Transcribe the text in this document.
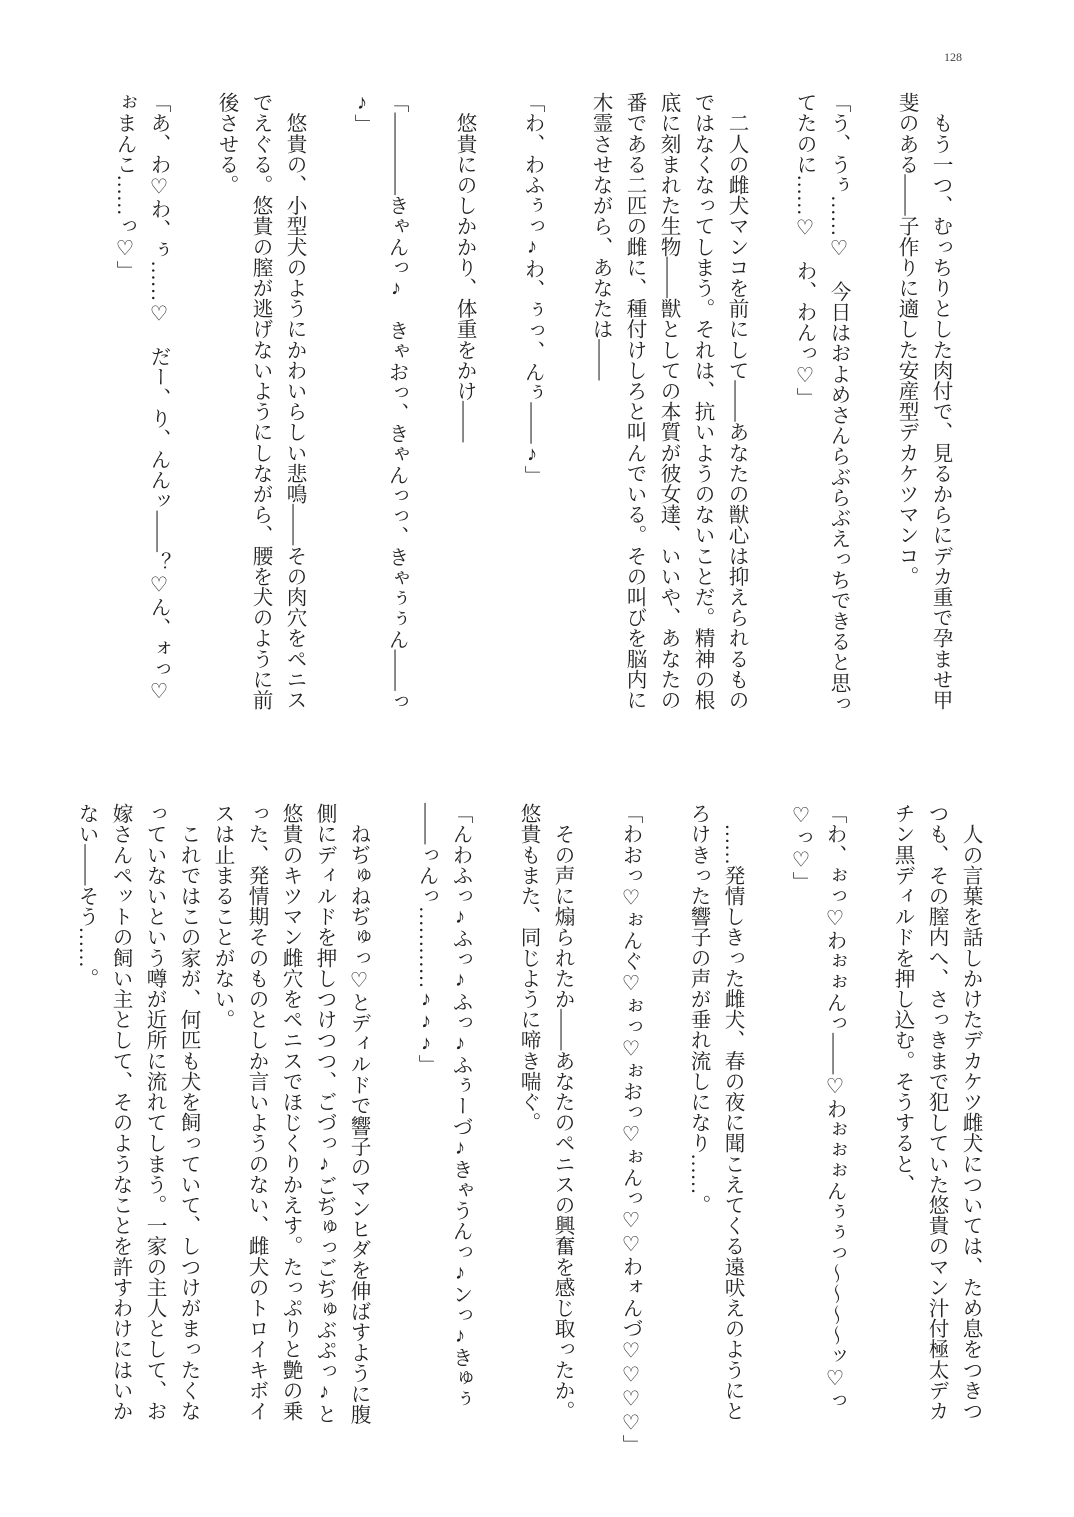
128
　もう一つ、むっちりとした肉付で、見るからにデカ重で孕ませ甲
斐のある――子作りに適した安産型デカケツマンコ。

「う、うぅ……♡　今日はおよめさんらぶらぶえっちできると思っ
てたのに……♡　わ、わんっ♡」

　二人の雌犬マンコを前にして――あなたの獣心は抑えられるもの
ではなくなってしまう。それは、抗いようのないことだ。精神の根
底に刻まれた生物――獣としての本質が彼女達、いいや、あなたの
番である二匹の雌に、種付けしろと叫んでいる。その叫びを脳内に
木霊させながら、あなたは――

「わ、わふぅっ♪わ、ぅっ、んぅ――♪」

　悠貴にのしかかり、体重をかけ――

「――――きゃんっ♪　きゃおっ、きゃんっっ、きゃぅぅん――っ
♪」

　悠貴の、小型犬のようにかわいらしい悲鳴――その肉穴をペニス
でえぐる。悠貴の膣が逃げないようにしながら、腰を犬のように前
後させる。

「あ、わ♡わ、ぅ……♡　だー、り、んんッ――？♡ん、ォっ♡
ぉまんこ……っ♡」
　人の言葉を話しかけたデカケツ雌犬については、ため息をつきつ
つも、その膣内へ、さっきまで犯していた悠貴のマン汁付極太デカ
チン黒ディルドを押し込む。そうすると、

「わ、ぉっ♡わぉぉんっ――♡わぉぉぉんぅぅっ〜〜〜〜ッ♡っ
♡っ♡」

　……発情しきった雌犬、春の夜に聞こえてくる遠吠えのようにと
ろけきった響子の声が垂れ流しになり……。

「わおっ♡ぉんぐ♡ぉっ♡ぉおっ♡ぉんっ♡♡わォんづ♡♡♡♡」

　その声に煽られたか――あなたのペニスの興奮を感じ取ったか。
悠貴もまた、同じように啼き喘ぐ。

「んわふっ♪ふっ♪ふっ♪ふぅーづ♪きゃうんっ♪ンっ♪きゅぅ
――っんっ…………♪♪♪」

　ねぢゅねぢゅっ♡とディルドで響子のマンヒダを伸ばすように腹
側にディルドを押しつけつつ、ごづっ♪ごぢゅっごぢゅぶぷっ♪と
悠貴のキツマン雌穴をペニスでほじくりかえす。たっぷりと艶の乗
った、発情期そのものとしか言いようのない、雌犬のトロイキボイ
スは止まることがない。
　これではこの家が、何匹も犬を飼っていて、しつけがまったくな
っていないという噂が近所に流れてしまう。一家の主人として、お
嫁さんペットの飼い主として、そのようなことを許すわけにはいか
ない――そう……。
